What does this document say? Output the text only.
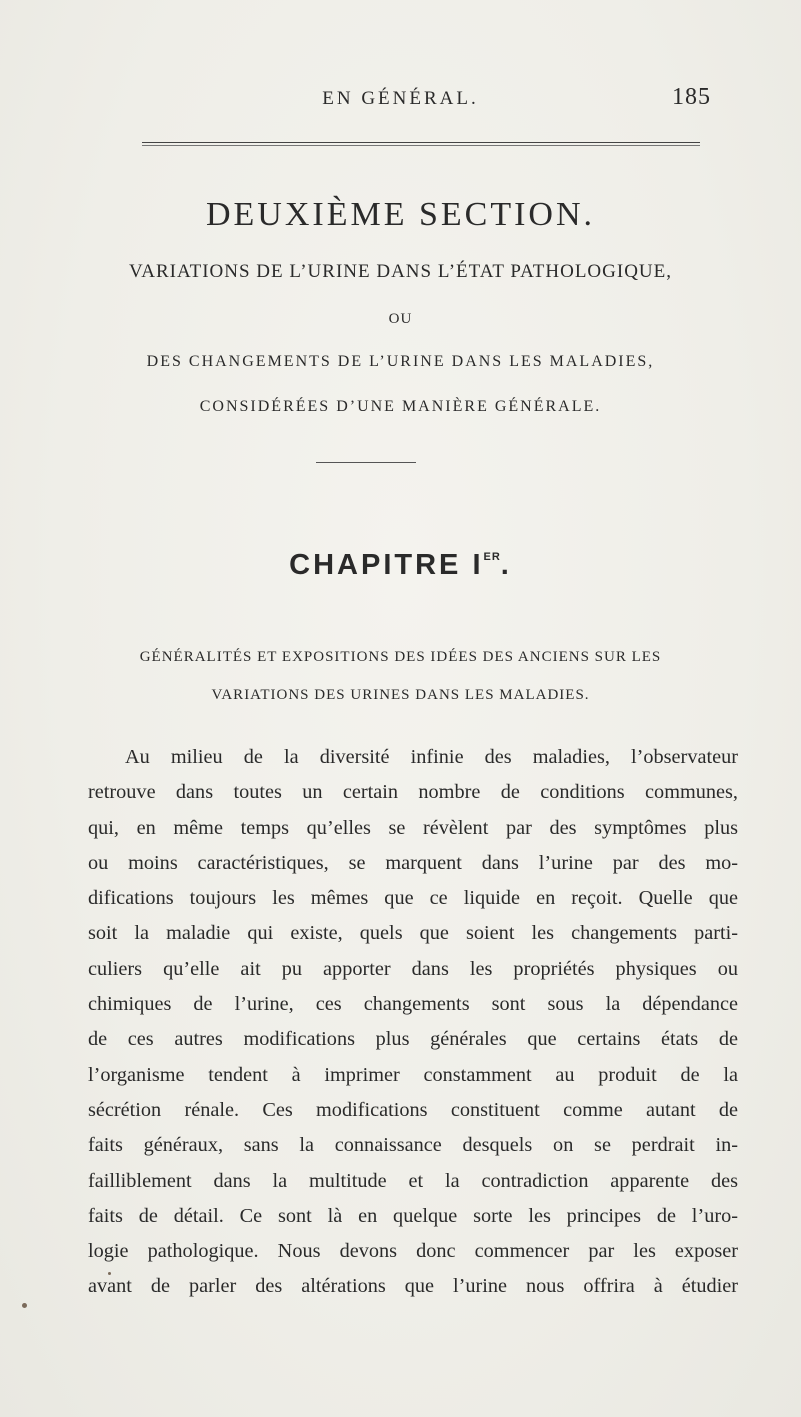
EN GÉNÉRAL.	185
DEUXIÈME SECTION.
VARIATIONS DE L’URINE DANS L’ÉTAT PATHOLOGIQUE,
OU
DES CHANGEMENTS DE L’URINE DANS LES MALADIES,
CONSIDÉRÉES D’UNE MANIÈRE GÉNÉRALE.
CHAPITRE IER.
GÉNÉRALITÉS ET EXPOSITIONS DES IDÉES DES ANCIENS SUR LES
VARIATIONS DES URINES DANS LES MALADIES.
Au milieu de la diversité infinie des maladies, l’observateur
retrouve dans toutes un certain nombre de conditions communes,
qui, en même temps qu’elles se révèlent par des symptômes plus
ou moins caractéristiques, se marquent dans l’urine par des mo-
difications toujours les mêmes que ce liquide en reçoit. Quelle que
soit la maladie qui existe, quels que soient les changements parti-
culiers qu’elle ait pu apporter dans les propriétés physiques ou
chimiques de l’urine, ces changements sont sous la dépendance
de ces autres modifications plus générales que certains états de
l’organisme tendent à imprimer constamment au produit de la
sécrétion rénale. Ces modifications constituent comme autant de
faits généraux, sans la connaissance desquels on se perdrait in-
failliblement dans la multitude et la contradiction apparente des
faits de détail. Ce sont là en quelque sorte les principes de l’uro-
logie pathologique. Nous devons donc commencer par les exposer
avant de parler des altérations que l’urine nous offrira à étudier
